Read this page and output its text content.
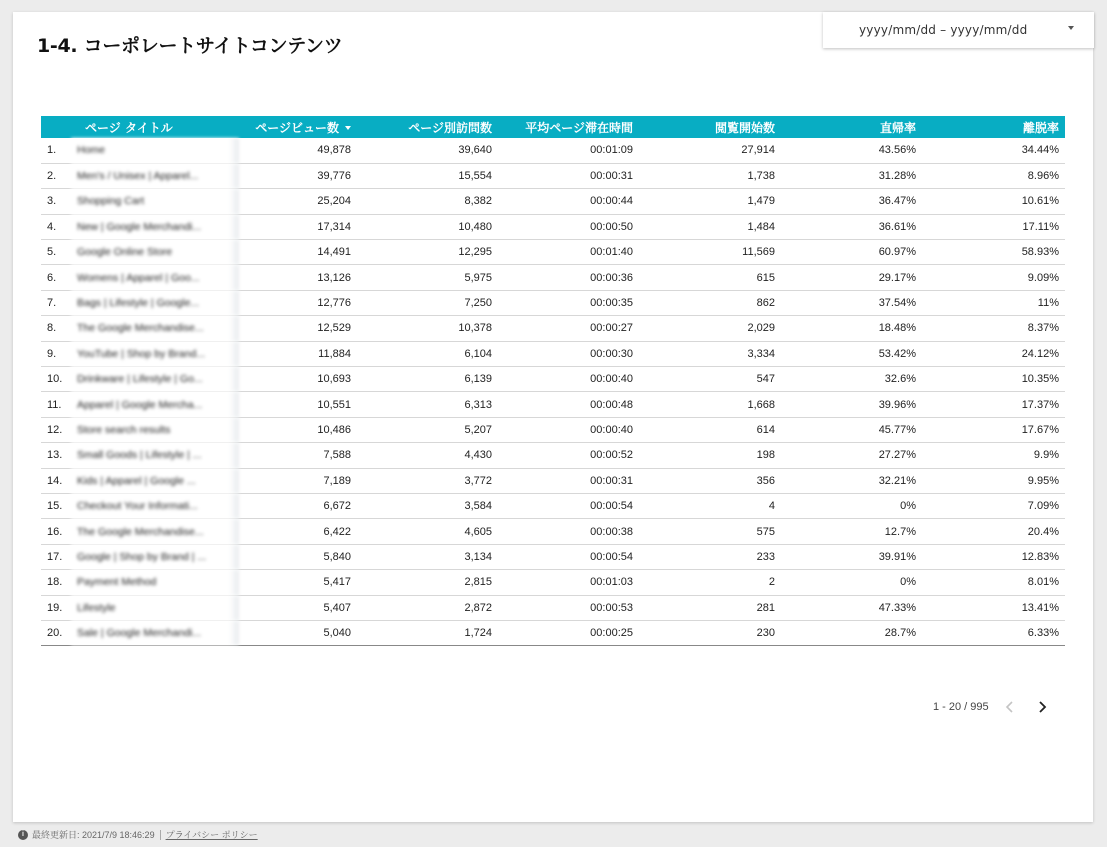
1-4. コーポレートサイトコンテンツ
yyyy/mm/dd – yyyy/mm/dd
	ページ タイトル	ページビュー数	ページ別訪問数	平均ページ滞在時間	閲覧開始数	直帰率	離脱率
1.	Home	49,878	39,640	00:01:09	27,914	43.56%	34.44%
2.	Men's / Unisex | Apparel...	39,776	15,554	00:00:31	1,738	31.28%	8.96%
3.	Shopping Cart	25,204	8,382	00:00:44	1,479	36.47%	10.61%
4.	New | Google Merchandi...	17,314	10,480	00:00:50	1,484	36.61%	17.11%
5.	Google Online Store	14,491	12,295	00:01:40	11,569	60.97%	58.93%
6.	Womens | Apparel | Goo...	13,126	5,975	00:00:36	615	29.17%	9.09%
7.	Bags | Lifestyle | Google...	12,776	7,250	00:00:35	862	37.54%	11%
8.	The Google Merchandise...	12,529	10,378	00:00:27	2,029	18.48%	8.37%
9.	YouTube | Shop by Brand...	11,884	6,104	00:00:30	3,334	53.42%	24.12%
10.	Drinkware | Lifestyle | Go...	10,693	6,139	00:00:40	547	32.6%	10.35%
11.	Apparel | Google Mercha...	10,551	6,313	00:00:48	1,668	39.96%	17.37%
12.	Store search results	10,486	5,207	00:00:40	614	45.77%	17.67%
13.	Small Goods | Lifestyle | ...	7,588	4,430	00:00:52	198	27.27%	9.9%
14.	Kids | Apparel | Google ...	7,189	3,772	00:00:31	356	32.21%	9.95%
15.	Checkout Your Informati...	6,672	3,584	00:00:54	4	0%	7.09%
16.	The Google Merchandise...	6,422	4,605	00:00:38	575	12.7%	20.4%
17.	Google | Shop by Brand | ...	5,840	3,134	00:00:54	233	39.91%	12.83%
18.	Payment Method	5,417	2,815	00:01:03	2	0%	8.01%
19.	Lifestyle	5,407	2,872	00:00:53	281	47.33%	13.41%
20.	Sale | Google Merchandi...	5,040	1,724	00:00:25	230	28.7%	6.33%
1 - 20 / 995
i 最終更新日: 2021/7/9 18:46:29 プライバシー ポリシー
